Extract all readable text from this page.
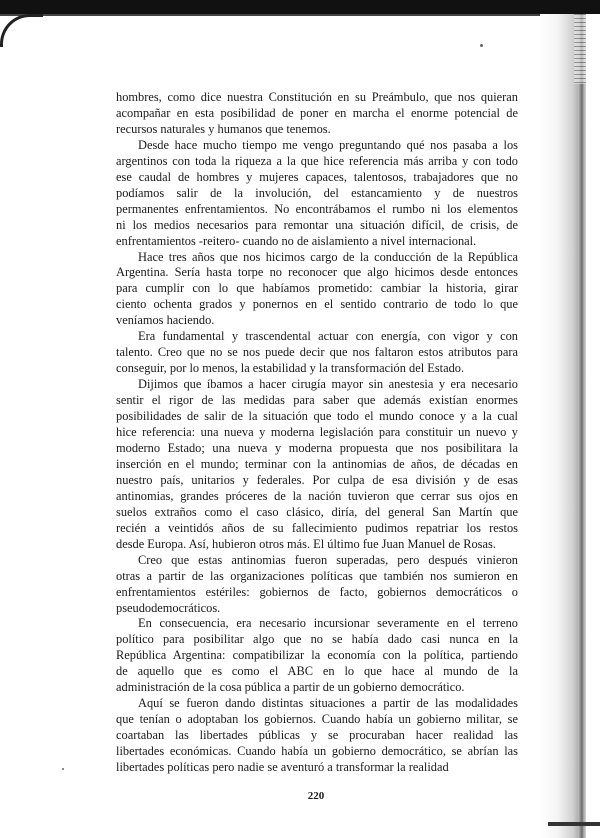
hombres, como dice nuestra Constitución en su Preámbulo, que nos quieran
acompañar en esta posibilidad de poner en marcha el enorme potencial de
recursos naturales y humanos que tenemos.
Desde hace mucho tiempo me vengo preguntando qué nos pasaba a los
argentinos con toda la riqueza a la que hice referencia más arriba y con todo
ese caudal de hombres y mujeres capaces, talentosos, trabajadores que no
podíamos salir de la involución, del estancamiento y de nuestros
permanentes enfrentamientos. No encontrábamos el rumbo ni los elementos
ni los medios necesarios para remontar una situación difícil, de crisis, de
enfrentamientos -reitero- cuando no de aislamiento a nivel internacional.
Hace tres años que nos hicimos cargo de la conducción de la República
Argentina. Sería hasta torpe no reconocer que algo hicimos desde entonces
para cumplir con lo que habíamos prometido: cambiar la historia, girar
ciento ochenta grados y ponernos en el sentido contrario de todo lo que
veníamos haciendo.
Era fundamental y trascendental actuar con energía, con vigor y con
talento. Creo que no se nos puede decir que nos faltaron estos atributos para
conseguir, por lo menos, la estabilidad y la transformación del Estado.
Dijimos que íbamos a hacer cirugía mayor sin anestesia y era necesario
sentir el rigor de las medidas para saber que además existían enormes
posibilidades de salir de la situación que todo el mundo conoce y a la cual
hice referencia: una nueva y moderna legislación para constituir un nuevo y
moderno Estado; una nueva y moderna propuesta que nos posibilitara la
inserción en el mundo; terminar con la antinomias de años, de décadas en
nuestro país, unitarios y federales. Por culpa de esa división y de esas
antinomias, grandes próceres de la nación tuvieron que cerrar sus ojos en
suelos extraños como el caso clásico, diría, del general San Martín que
recién a veintidós años de su fallecimiento pudimos repatriar los restos
desde Europa. Así, hubieron otros más. El último fue Juan Manuel de Rosas.
Creo que estas antinomias fueron superadas, pero después vinieron
otras a partir de las organizaciones políticas que también nos sumieron en
enfrentamientos estériles: gobiernos de facto, gobiernos democráticos o
pseudodemocráticos.
En consecuencia, era necesario incursionar severamente en el terreno
político para posibilitar algo que no se había dado casi nunca en la
República Argentina: compatibilizar la economía con la política, partiendo
de aquello que es como el ABC en lo que hace al mundo de la
administración de la cosa pública a partir de un gobierno democrático.
Aquí se fueron dando distintas situaciones a partir de las modalidades
que tenían o adoptaban los gobiernos. Cuando había un gobierno militar, se
coartaban las libertades públicas y se procuraban hacer realidad las
libertades económicas. Cuando había un gobierno democrático, se abrían las
libertades políticas pero nadie se aventuró a transformar la realidad
220
